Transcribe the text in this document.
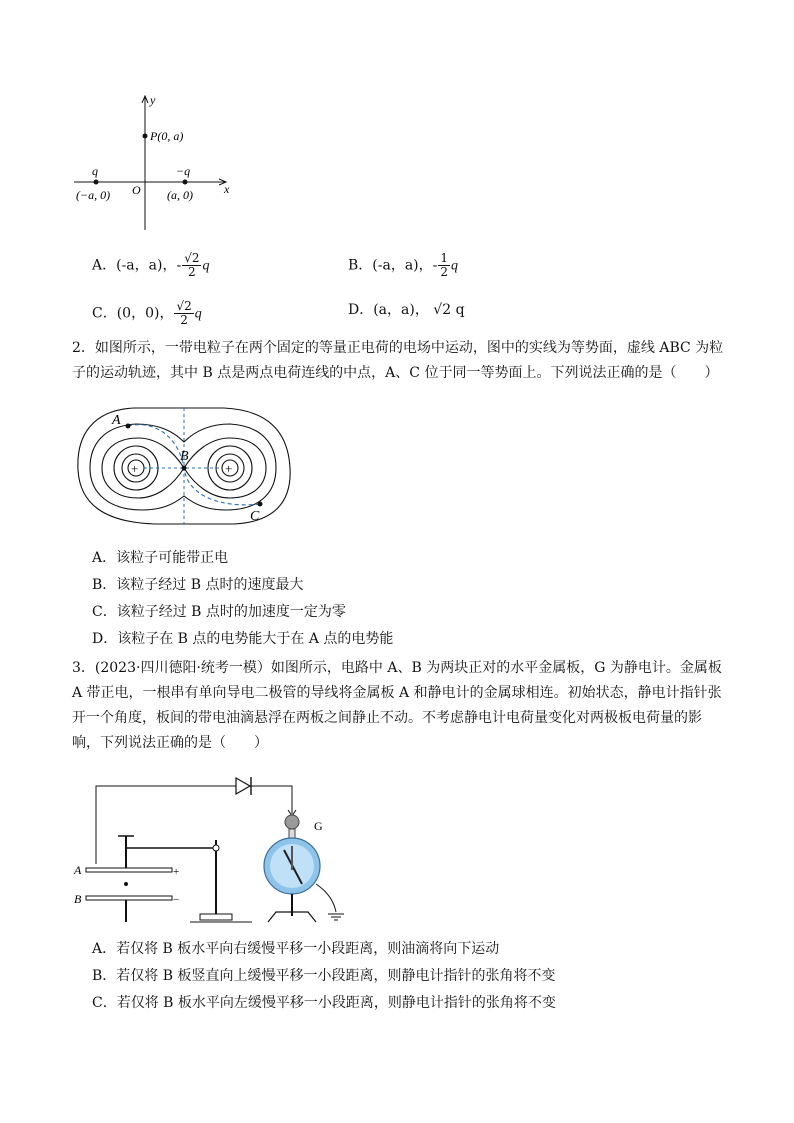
y
x
O
P(0, a)
q	−q
(−a, 0)	(a, 0)
A．(-a，a)，- $\frac{√2}{2}$ q	B．(-a，a)，- $\frac{1}{2}$ q
C．(0，0)， $\frac{√2}{2}$ q	D．(a，a)， √2 q
2．如图所示，一带电粒子在两个固定的等量正电荷的电场中运动，图中的实线为等势面，虚线 ABC 为粒
子的运动轨迹，其中 B 点是两点电荷连线的中点，A、C 位于同一等势面上。下列说法正确的是（　　）
+	+
A
B
C
A．该粒子可能带正电
B．该粒子经过 B 点时的速度最大
C．该粒子经过 B 点时的加速度一定为零
D．该粒子在 B 点的电势能大于在 A 点的电势能
3．(2023·四川德阳·统考一模）如图所示，电路中 A、B 为两块正对的水平金属板，G 为静电计。金属板
A 带正电，一根串有单向导电二极管的导线将金属板 A 和静电计的金属球相连。初始状态，静电计指针张
开一个角度，板间的带电油滴悬浮在两板之间静止不动。不考虑静电计电荷量变化对两极板电荷量的影
响，下列说法正确的是（　　）
A
B
+
−
G
A．若仅将 B 板水平向右缓慢平移一小段距离，则油滴将向下运动
B．若仅将 B 板竖直向上缓慢平移一小段距离，则静电计指针的张角将不变
C．若仅将 B 板水平向左缓慢平移一小段距离，则静电计指针的张角将不变
